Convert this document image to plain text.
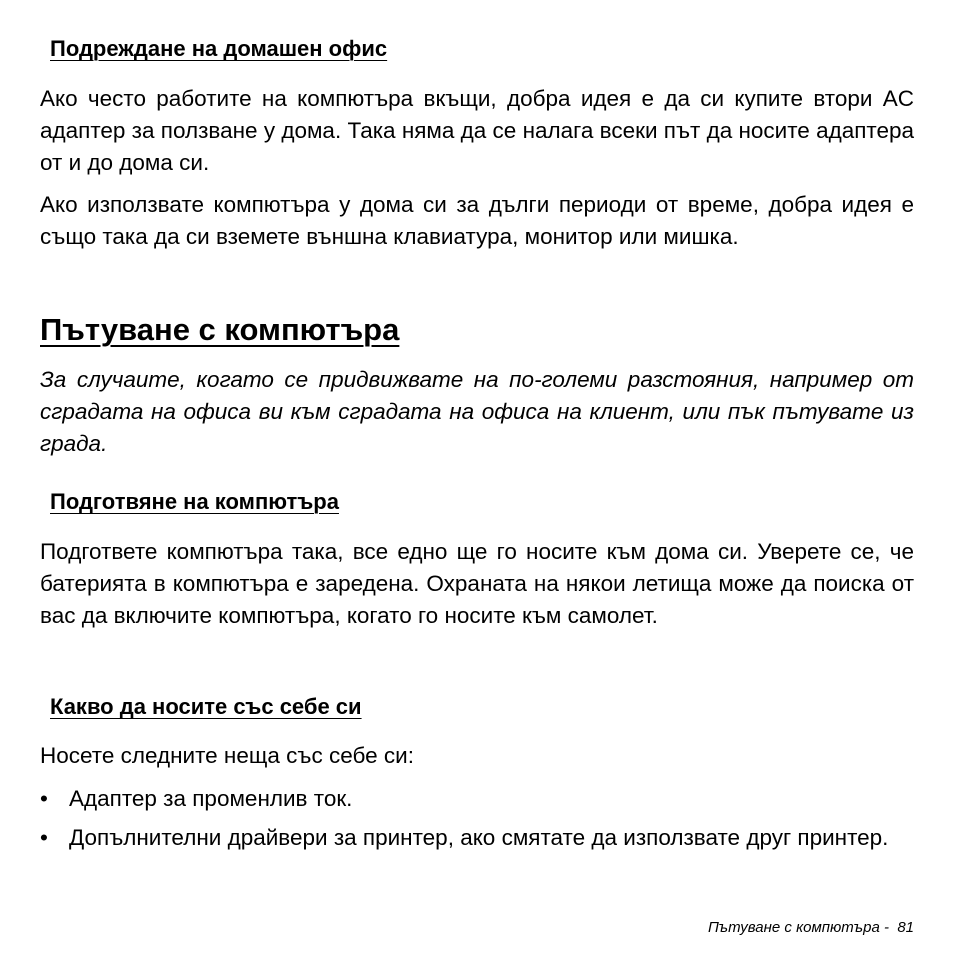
Подреждане на домашен офис
Ако често работите на компютъра вкъщи, добра идея е да си купите втори AC адаптер за ползване у дома. Така няма да се налага всеки път да носите адаптера от и до дома си.
Ако използвате компютъра у дома си за дълги периоди от време, добра идея е също така да си вземете външна клавиатура, монитор или мишка.
Пътуване с компютъра
За случаите, когато се придвижвате на по-големи разстояния, например от сградата на офиса ви към сградата на офиса на клиент, или пък пътувате из града.
Подготвяне на компютъра
Подгответе компютъра така, все едно ще го носите към дома си. Уверете се, че батерията в компютъра е заредена. Охраната на някои летища може да поиска от вас да включите компютъра, когато го носите към самолет.
Какво да носите със себе си
Носете следните неща със себе си:
• Адаптер за променлив ток.
• Допълнителни драйвери за принтер, ако смятате да използвате друг принтер.
Пътуване с компютъра - 81
